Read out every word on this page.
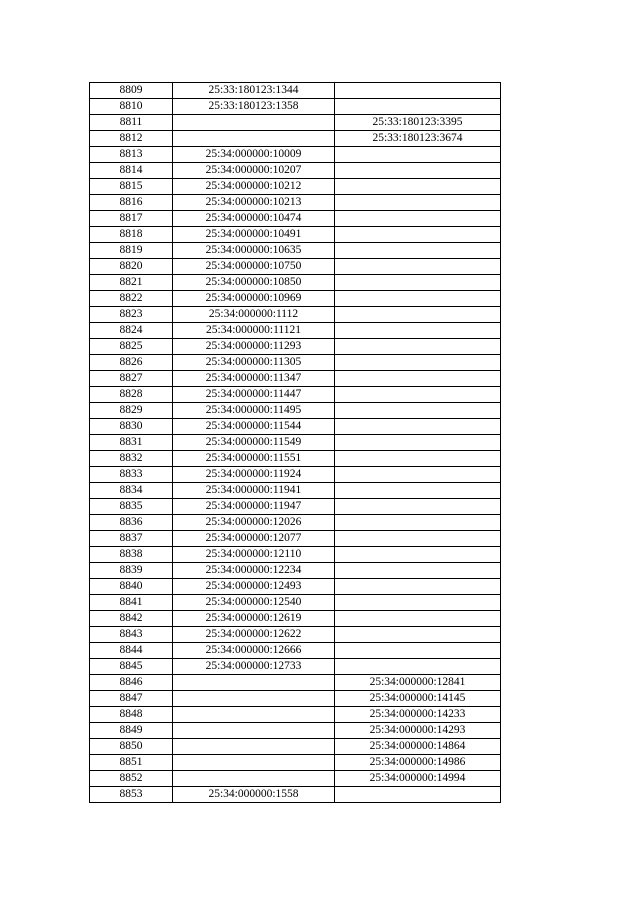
8809	25:33:180123:1344	
8810	25:33:180123:1358	
8811		25:33:180123:3395
8812		25:33:180123:3674
8813	25:34:000000:10009	
8814	25:34:000000:10207	
8815	25:34:000000:10212	
8816	25:34:000000:10213	
8817	25:34:000000:10474	
8818	25:34:000000:10491	
8819	25:34:000000:10635	
8820	25:34:000000:10750	
8821	25:34:000000:10850	
8822	25:34:000000:10969	
8823	25:34:000000:1112	
8824	25:34:000000:11121	
8825	25:34:000000:11293	
8826	25:34:000000:11305	
8827	25:34:000000:11347	
8828	25:34:000000:11447	
8829	25:34:000000:11495	
8830	25:34:000000:11544	
8831	25:34:000000:11549	
8832	25:34:000000:11551	
8833	25:34:000000:11924	
8834	25:34:000000:11941	
8835	25:34:000000:11947	
8836	25:34:000000:12026	
8837	25:34:000000:12077	
8838	25:34:000000:12110	
8839	25:34:000000:12234	
8840	25:34:000000:12493	
8841	25:34:000000:12540	
8842	25:34:000000:12619	
8843	25:34:000000:12622	
8844	25:34:000000:12666	
8845	25:34:000000:12733	
8846		25:34:000000:12841
8847		25:34:000000:14145
8848		25:34:000000:14233
8849		25:34:000000:14293
8850		25:34:000000:14864
8851		25:34:000000:14986
8852		25:34:000000:14994
8853	25:34:000000:1558	
